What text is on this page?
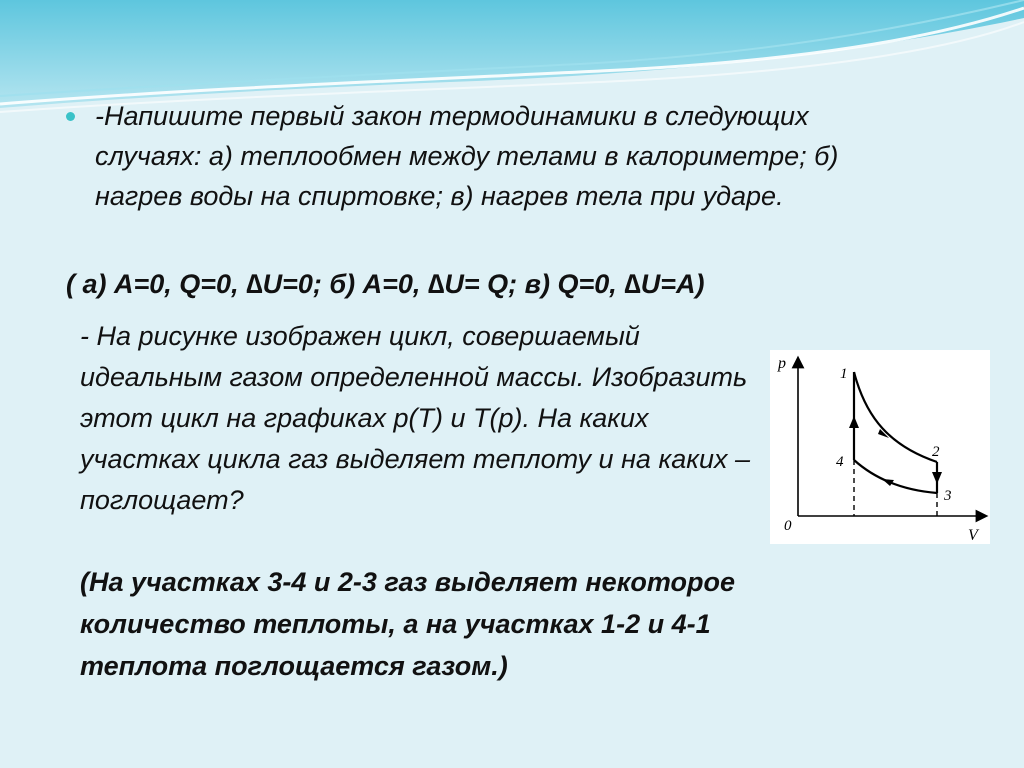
-Напишите первый закон термодинамики в следующих случаях: а) теплообмен между телами в калориметре; б) нагрев воды на спиртовке; в) нагрев тела при ударе.
( а) A=0, Q=0, ∆U=0; б) A=0, ∆U= Q; в) Q=0, ∆U=A)
- На рисунке изображен цикл, совершаемый идеальным газом определенной массы. Изобразить этот цикл на графиках р(Т) и Т(р). На каких участках цикла газ выделяет теплоту и на каких – поглощает?
(На участках 3-4 и 2-3 газ выделяет некоторое количество теплоты, а на участках 1-2 и 4-1 теплота поглощается газом.)
p
V
0
1
2
3
4
